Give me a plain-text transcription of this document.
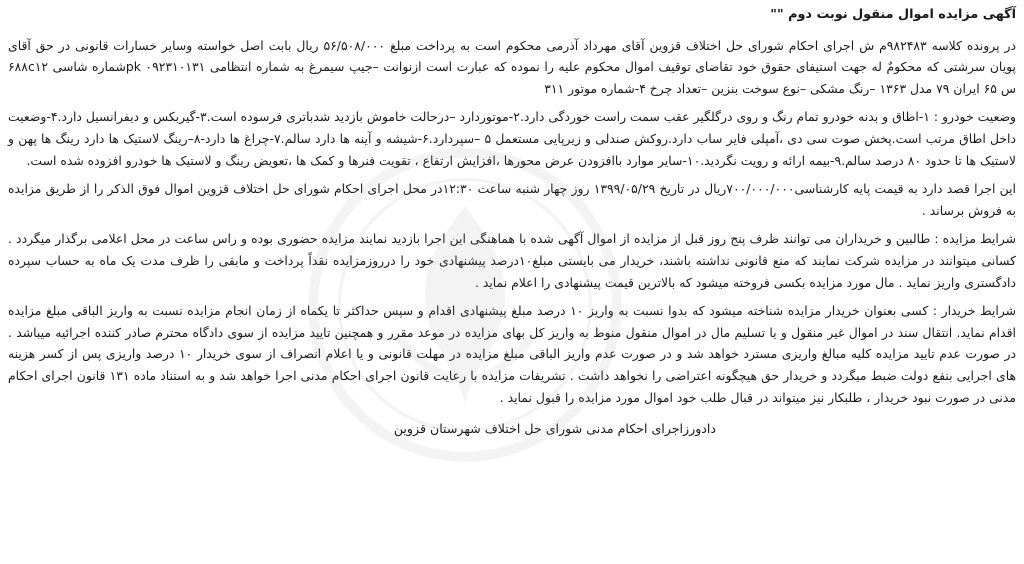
آگهی مزایده اموال منقول نوبت دوم ""

در پرونده کلاسه ۹۸۲۴۸۳م ش اجرای احکام شورای حل اختلاف قزوین آقای مهرداد آذرمی محکوم است به پرداخت مبلغ ۵۶/۵۰۸/۰۰۰ ریال بابت اصل خواسته وسایر خسارات قانونی در حق آقای پویان سرشتی که محکومٌ له جهت استیفای حقوق خود تقاضای توقیف اموال محکوم علیه را نموده که عبارت است ازنوانت –جیپ سیمرغ به شماره انتظامی pk ۰۹۲۳۱۰۱۳۱شماره شاسی ۶۸۸c۱۲ س ۶۵ ایران ۷۹ مدل ۱۳۶۳ –رنگ مشکی –نوع سوخت بنزین –تعداد چرخ ۴-شماره موتور ۳۱۱

وضعیت خودرو : ۱-اطاق و بدنه خودرو تمام رنگ و روی درگلگیر عقب سمت راست خوردگی دارد.۲-موتوردارد –درحالت خاموش بازدید شدباتری فرسوده است.۳-گیربکس و دیفرانسیل دارد.۴-وضعیت داخل اطاق مرتب است.پخش صوت سی دی ،آمپلی فایر ساب دارد.روکش صندلی و زیرپایی مستعمل ۵ –سپردارد.۶-شیشه و آینه ها دارد سالم.۷-چراغ ها دارد-۸–رینگ لاستیک ها دارد رینگ ها پهن و لاستیک ها تا حدود ۸۰ درصد سالم.۹-بیمه ارائه و رویت نگردید.۱۰-سایر موارد باافزودن عرض محورها ،افزایش ارتفاع ، تقویت فنرها و کمک ها ،تعویض رینگ و لاستیک ها خودرو افزوده شده است.

این اجرا قصد دارد به قیمت پایه کارشناسی۷۰۰/۰۰۰/۰۰۰ریال در تاریخ ۱۳۹۹/۰۵/۲۹ روز چهار شنبه ساعت ۱۲:۳۰در محل اجرای احکام شورای حل اختلاف قزوین اموال فوق الذکر را از طریق مزایده به فروش برساند .

شرایط مزایده : طالبین و خریداران می توانند ظرف پنج روز قبل از مزایده از اموال آگهی شده با هماهنگی این اجرا بازدید نمایند مزایده حضوری بوده و راس ساعت در محل اعلامی برگذار میگردد . کسانی میتوانند در مزایده شرکت نمایند که منع قانونی نداشته باشند، خریدار می بایستی مبلغ۱۰درصد پیشنهادی خود را درروزمزایده نقداً پرداخت و مابقی را ظرف مدت یک ماه به حساب سپرده دادگستری واریز نماید . مال مورد مزایده بکسی فروخته میشود که بالاترین قیمت پیشنهادی را اعلام نماید .

شرایط خریدار : کسی بعنوان خریدار مزایده شناخته میشود که بدوا نسبت به واریز ۱۰ درصد مبلغ پیشنهادی اقدام و سپس حداکثر تا یکماه از زمان انجام مزایده نسبت به واریز الباقی مبلغ مزایده اقدام نماید. انتقال سند در اموال غیر منقول و یا تسلیم مال در اموال منقول منوط به واریز کل بهای مزایده در موعد مقرر و همچنین تایید مزایده از سوی دادگاه محترم صادر کننده اجرائیه میباشد . در صورت عدم تایید مزایده کلیه مبالغ واریزی مسترد خواهد شد و در صورت عدم واریز الباقی مبلغ مزایده در مهلت قانونی و یا اعلام انصراف از سوی خریدار ۱۰ درصد واریزی پس از کسر هزینه های اجرایی بنفع دولت ضبط میگردد و خریدار حق هیچگونه اعتراضی را نخواهد داشت . تشریفات مزایده با رعایت قانون اجرای احکام مدنی اجرا خواهد شد و به استناد ماده ۱۳۱ قانون اجرای احکام مدنی در صورت نبود خریدار ، طلبکار نیز میتواند در قبال طلب خود اموال مورد مزایده را قبول نماید .

دادورزاجرای احکام مدنی شورای حل اختلاف شهرستان قزوین
